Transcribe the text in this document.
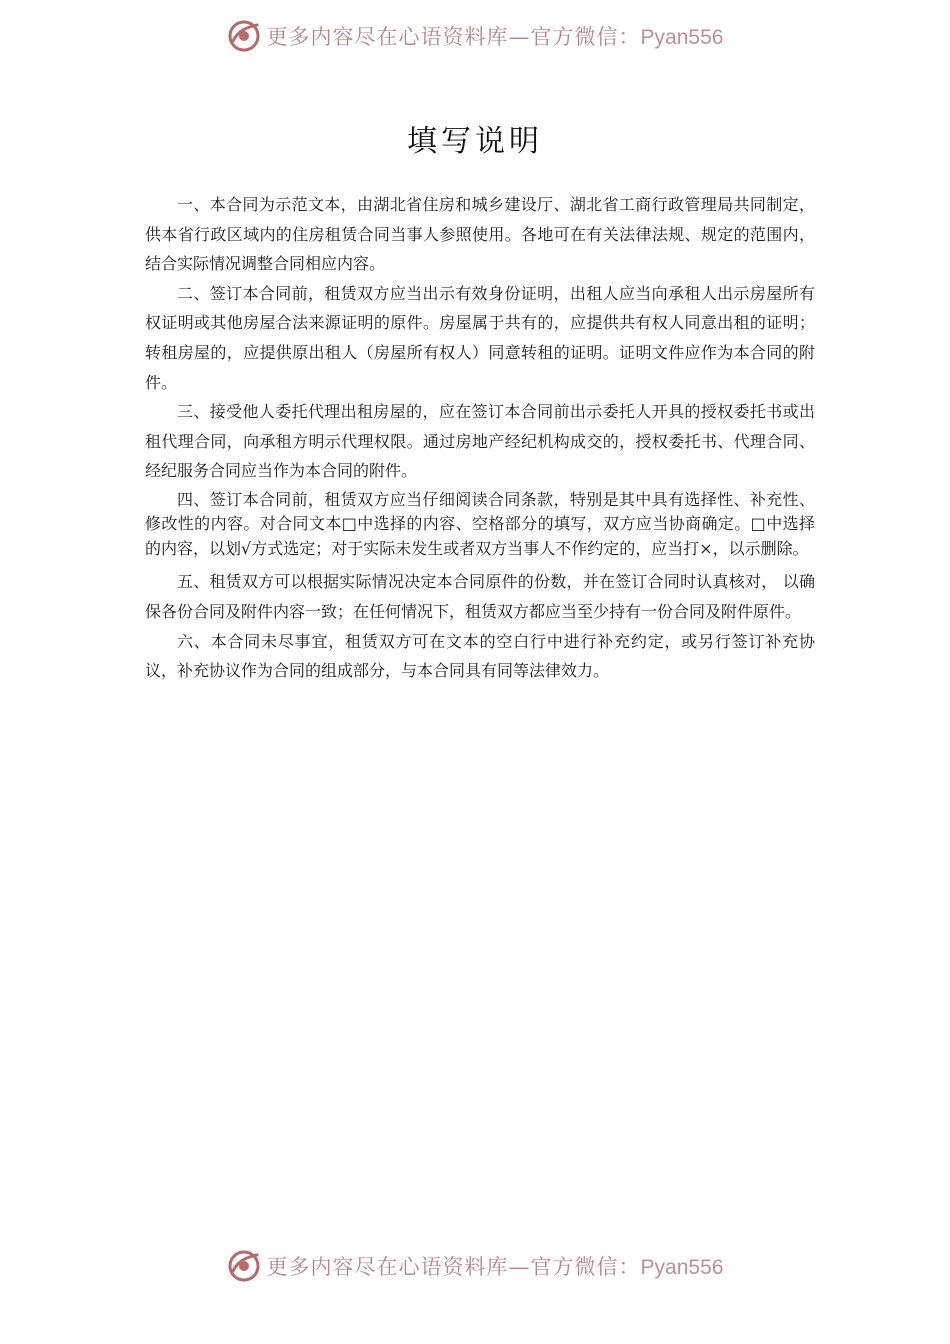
更多内容尽在心语资料库—官方微信：Pyan556
填写说明

一、本合同为示范文本，由湖北省住房和城乡建设厅、湖北省工商行政管理局共同制定，供本省行政区域内的住房租赁合同当事人参照使用。各地可在有关法律法规、规定的范围内，结合实际情况调整合同相应内容。

二、签订本合同前，租赁双方应当出示有效身份证明，出租人应当向承租人出示房屋所有权证明或其他房屋合法来源证明的原件。房屋属于共有的，应提供共有权人同意出租的证明；转租房屋的，应提供原出租人（房屋所有权人）同意转租的证明。证明文件应作为本合同的附件。

三、接受他人委托代理出租房屋的，应在签订本合同前出示委托人开具的授权委托书或出租代理合同，向承租方明示代理权限。通过房地产经纪机构成交的，授权委托书、代理合同、经纪服务合同应当作为本合同的附件。

四、签订本合同前，租赁双方应当仔细阅读合同条款，特别是其中具有选择性、补充性、修改性的内容。对合同文本□中选择的内容、空格部分的填写，双方应当协商确定。□中选择的内容，以划√方式选定；对于实际未发生或者双方当事人不作约定的，应当打×，以示删除。

五、租赁双方可以根据实际情况决定本合同原件的份数，并在签订合同时认真核对， 以确保各份合同及附件内容一致；在任何情况下，租赁双方都应当至少持有一份合同及附件原件。

六、本合同未尽事宜，租赁双方可在文本的空白行中进行补充约定，或另行签订补充协议，补充协议作为合同的组成部分，与本合同具有同等法律效力。

更多内容尽在心语资料库—官方微信：Pyan556
